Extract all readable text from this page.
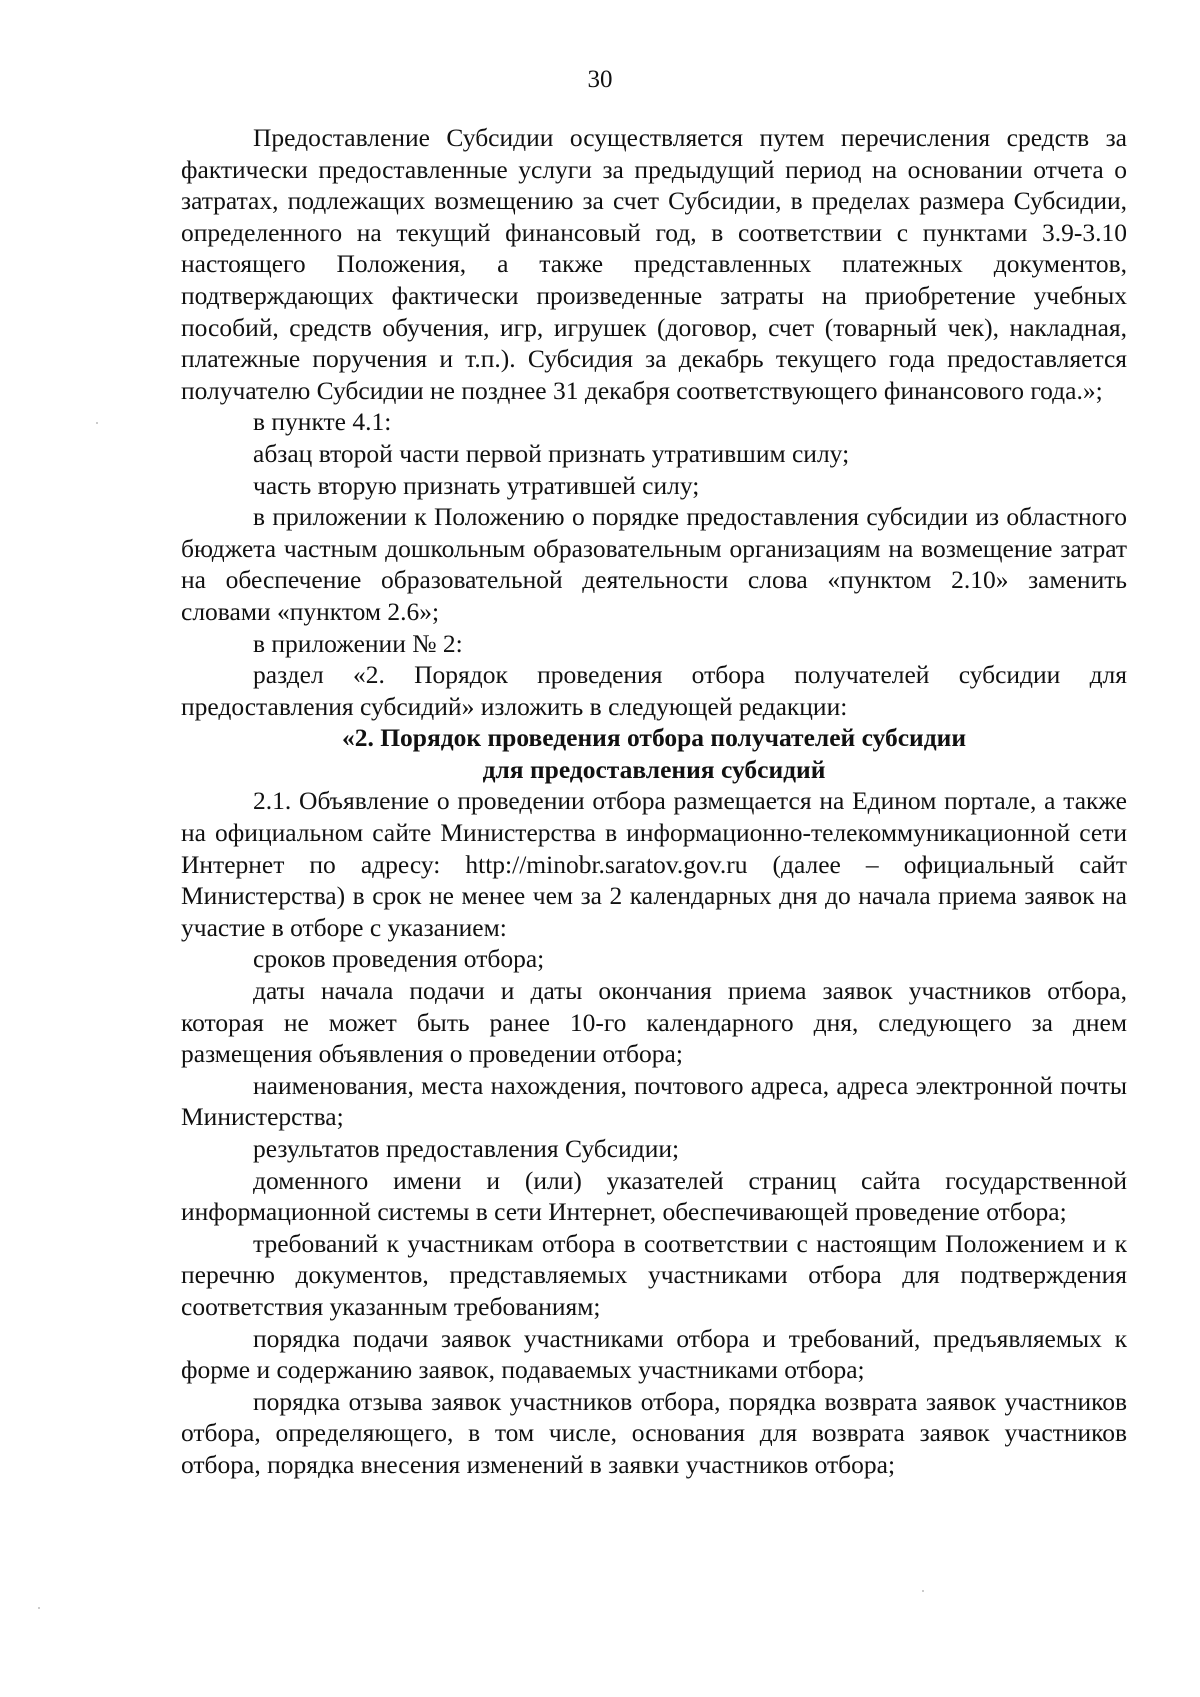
30

Предоставление Субсидии осуществляется путем перечисления средств за фактически предоставленные услуги за предыдущий период на основании отчета о затратах, подлежащих возмещению за счет Субсидии, в пределах размера Субсидии, определенного на текущий финансовый год, в соответствии с пунктами 3.9-3.10 настоящего Положения, а также представленных платежных документов, подтверждающих фактически произведенные затраты на приобретение учебных пособий, средств обучения, игр, игрушек (договор, счет (товарный чек), накладная, платежные поручения и т.п.). Субсидия за декабрь текущего года предоставляется получателю Субсидии не позднее 31 декабря соответствующего финансового года.»;

в пункте 4.1:

абзац второй части первой признать утратившим силу;

часть вторую признать утратившей силу;

в приложении к Положению о порядке предоставления субсидии из областного бюджета частным дошкольным образовательным организациям на возмещение затрат на обеспечение образовательной деятельности слова «пунктом 2.10» заменить словами «пунктом 2.6»;

в приложении № 2:

раздел «2. Порядок проведения отбора получателей субсидии для предоставления субсидий» изложить в следующей редакции:

«2. Порядок проведения отбора получателей субсидии

для предоставления субсидий

2.1. Объявление о проведении отбора размещается на Едином портале, а также на официальном сайте Министерства в информационно-телекоммуникационной сети Интернет по адресу: http://minobr.saratov.gov.ru (далее – официальный сайт Министерства) в срок не менее чем за 2 календарных дня до начала приема заявок на участие в отборе с указанием:

сроков проведения отбора;

даты начала подачи и даты окончания приема заявок участников отбора, которая не может быть ранее 10-го календарного дня, следующего за днем размещения объявления о проведении отбора;

наименования, места нахождения, почтового адреса, адреса электронной почты Министерства;

результатов предоставления Субсидии;

доменного имени и (или) указателей страниц сайта государственной информационной системы в сети Интернет, обеспечивающей проведение отбора;

требований к участникам отбора в соответствии с настоящим Положением и к перечню документов, представляемых участниками отбора для подтверждения соответствия указанным требованиям;

порядка подачи заявок участниками отбора и требований, предъявляемых к форме и содержанию заявок, подаваемых участниками отбора;

порядка отзыва заявок участников отбора, порядка возврата заявок участников отбора, определяющего, в том числе, основания для возврата заявок участников отбора, порядка внесения изменений в заявки участников отбора;
